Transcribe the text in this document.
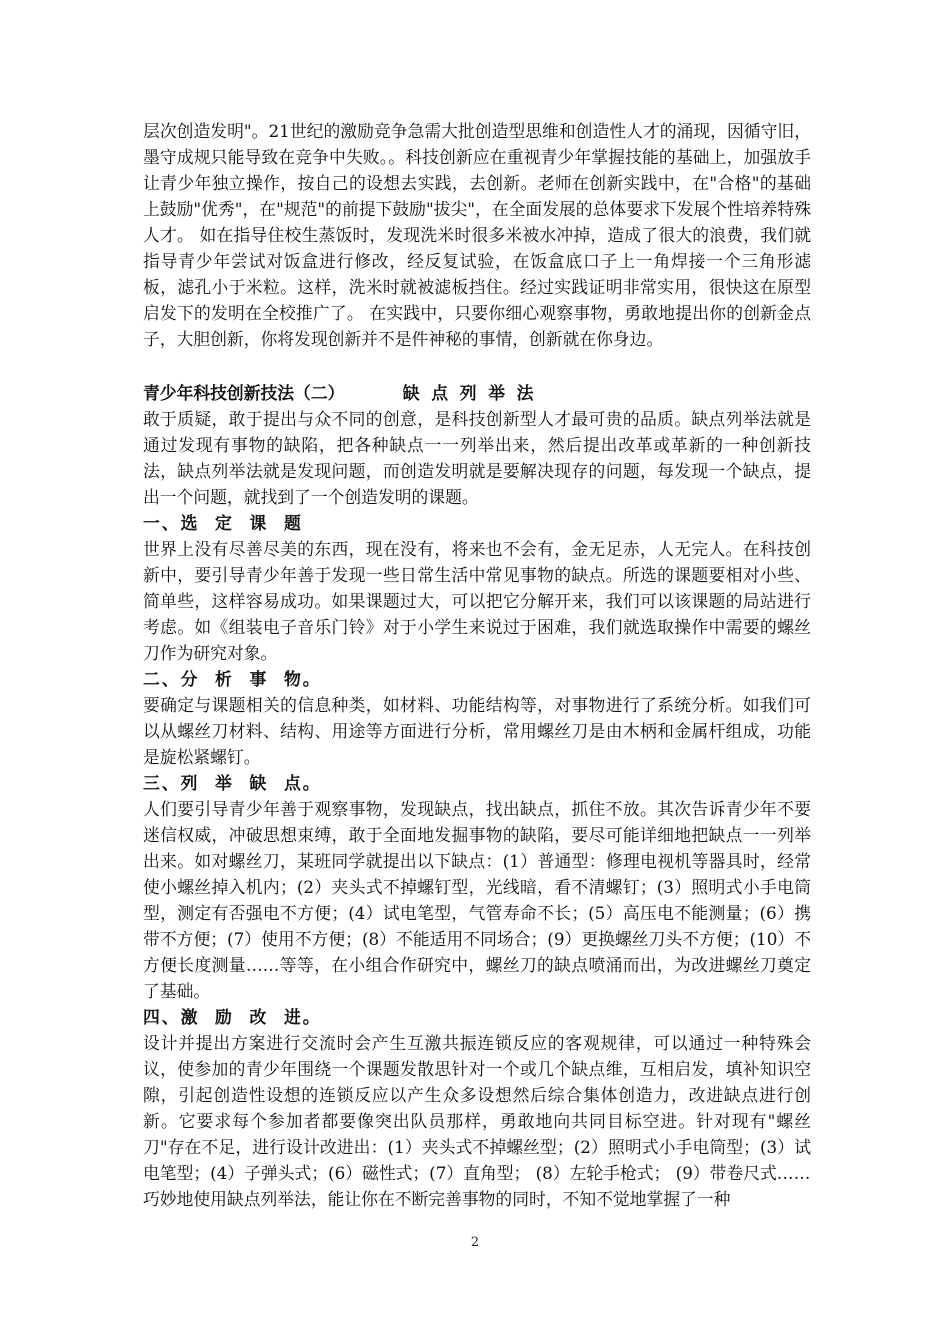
层次创造发明"。21世纪的激励竞争急需大批创造型思维和创造性人才的涌现，因循守旧，墨守成规只能导致在竞争中失败。。科技创新应在重视青少年掌握技能的基础上，加强放手让青少年独立操作，按自己的设想去实践，去创新。老师在创新实践中，在"合格"的基础上鼓励"优秀"，在"规范"的前提下鼓励"拔尖"，在全面发展的总体要求下发展个性培养特殊人才。 如在指导住校生蒸饭时，发现洗米时很多米被水冲掉，造成了很大的浪费，我们就指导青少年尝试对饭盒进行修改，经反复试验，在饭盒底口子上一角焊接一个三角形滤板，滤孔小于米粒。这样，洗米时就被滤板挡住。经过实践证明非常实用，很快这在原型启发下的发明在全校推广了。 在实践中，只要你细心观察事物，勇敢地提出你的创新金点子，大胆创新，你将发现创新并不是件神秘的事情，创新就在你身边。

青少年科技创新技法（二）          缺  点  列  举  法

敢于质疑，敢于提出与众不同的创意，是科技创新型人才最可贵的品质。缺点列举法就是通过发现有事物的缺陷，把各种缺点一一列举出来，然后提出改革或革新的一种创新技法，缺点列举法就是发现问题，而创造发明就是要解决现存的问题，每发现一个缺点，提出一个问题，就找到了一个创造发明的课题。

一、选  定  课  题

世界上没有尽善尽美的东西，现在没有，将来也不会有，金无足赤，人无完人。在科技创新中，要引导青少年善于发现一些日常生活中常见事物的缺点。所选的课题要相对小些、简单些，这样容易成功。如果课题过大，可以把它分解开来，我们可以该课题的局站进行考虑。如《组装电子音乐门铃》对于小学生来说过于困难，我们就选取操作中需要的螺丝刀作为研究对象。

二、分  析  事  物。

要确定与课题相关的信息种类，如材料、功能结构等，对事物进行了系统分析。如我们可以从螺丝刀材料、结构、用途等方面进行分析，常用螺丝刀是由木柄和金属杆组成，功能是旋松紧螺钉。

三、列  举  缺  点。

人们要引导青少年善于观察事物，发现缺点，找出缺点，抓住不放。其次告诉青少年不要迷信权威，冲破思想束缚，敢于全面地发掘事物的缺陷，要尽可能详细地把缺点一一列举出来。如对螺丝刀，某班同学就提出以下缺点：(1）普通型：修理电视机等器具时，经常使小螺丝掉入机内；(2）夹头式不掉螺钉型，光线暗，看不清螺钉；(3）照明式小手电筒型，测定有否强电不方便；(4）试电笔型，气管寿命不长；(5）高压电不能测量；(6）携带不方便；(7）使用不方便；(8）不能适用不同场合；(9）更换螺丝刀头不方便；(10）不方便长度测量……等等，在小组合作研究中，螺丝刀的缺点喷涌而出，为改进螺丝刀奠定了基础。

四、激  励  改  进。

设计并提出方案进行交流时会产生互激共振连锁反应的客观规律，可以通过一种特殊会议，使参加的青少年围绕一个课题发散思针对一个或几个缺点维，互相启发，填补知识空隙，引起创造性设想的连锁反应以产生众多设想然后综合集体创造力，改进缺点进行创新。它要求每个参加者都要像突出队员那样，勇敢地向共同目标空进。针对现有"螺丝刀"存在不足，进行设计改进出：(1）夹头式不掉螺丝型；(2）照明式小手电筒型；(3）试电笔型；(4）子弹头式；(6）磁性式；(7）直角型； (8）左轮手枪式； (9）带卷尺式……

巧妙地使用缺点列举法，能让你在不断完善事物的同时，不知不觉地掌握了一种

2
